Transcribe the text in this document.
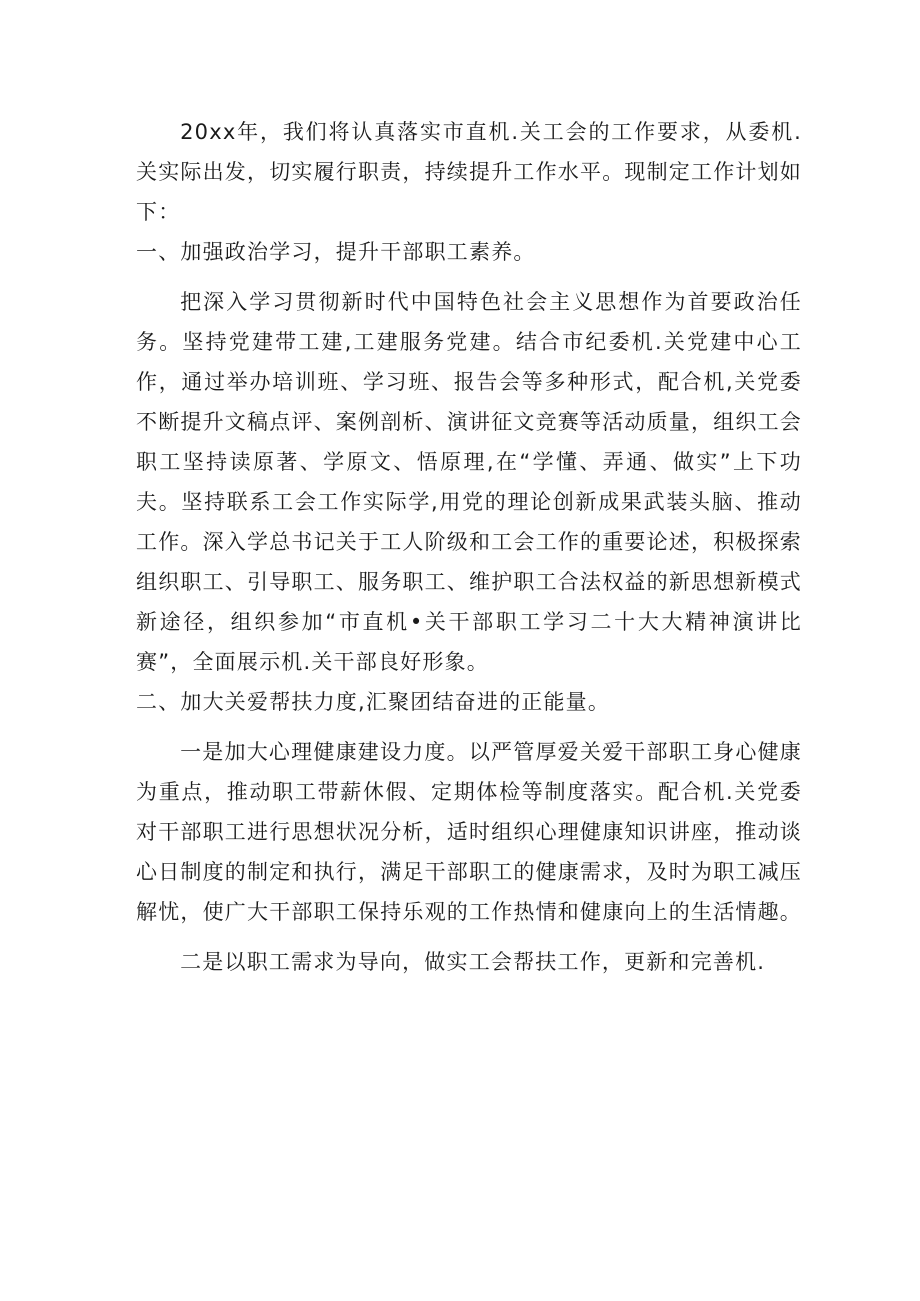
20xx年，我们将认真落实市直机.关工会的工作要求，从委机.关实际出发，切实履行职责，持续提升工作水平。现制定工作计划如下：

一、加强政治学习，提升干部职工素养。

把深入学习贯彻新时代中国特色社会主义思想作为首要政治任务。坚持党建带工建,工建服务党建。结合市纪委机.关党建中心工作，通过举办培训班、学习班、报告会等多种形式，配合机,关党委不断提升文稿点评、案例剖析、演讲征文竞赛等活动质量，组织工会职工坚持读原著、学原文、悟原理,在“学懂、弄通、做实”上下功夫。坚持联系工会工作实际学,用党的理论创新成果武装头脑、推动工作。深入学总书记关于工人阶级和工会工作的重要论述，积极探索组织职工、引导职工、服务职工、维护职工合法权益的新思想新模式新途径，组织参加“市直机•关干部职工学习二十大大精神演讲比赛”，全面展示机.关干部良好形象。

二、加大关爱帮扶力度,汇聚团结奋进的正能量。

一是加大心理健康建设力度。以严管厚爱关爱干部职工身心健康为重点，推动职工带薪休假、定期体检等制度落实。配合机.关党委对干部职工进行思想状况分析，适时组织心理健康知识讲座，推动谈心日制度的制定和执行，满足干部职工的健康需求，及时为职工减压解忧，使广大干部职工保持乐观的工作热情和健康向上的生活情趣。

二是以职工需求为导向，做实工会帮扶工作，更新和完善机.
